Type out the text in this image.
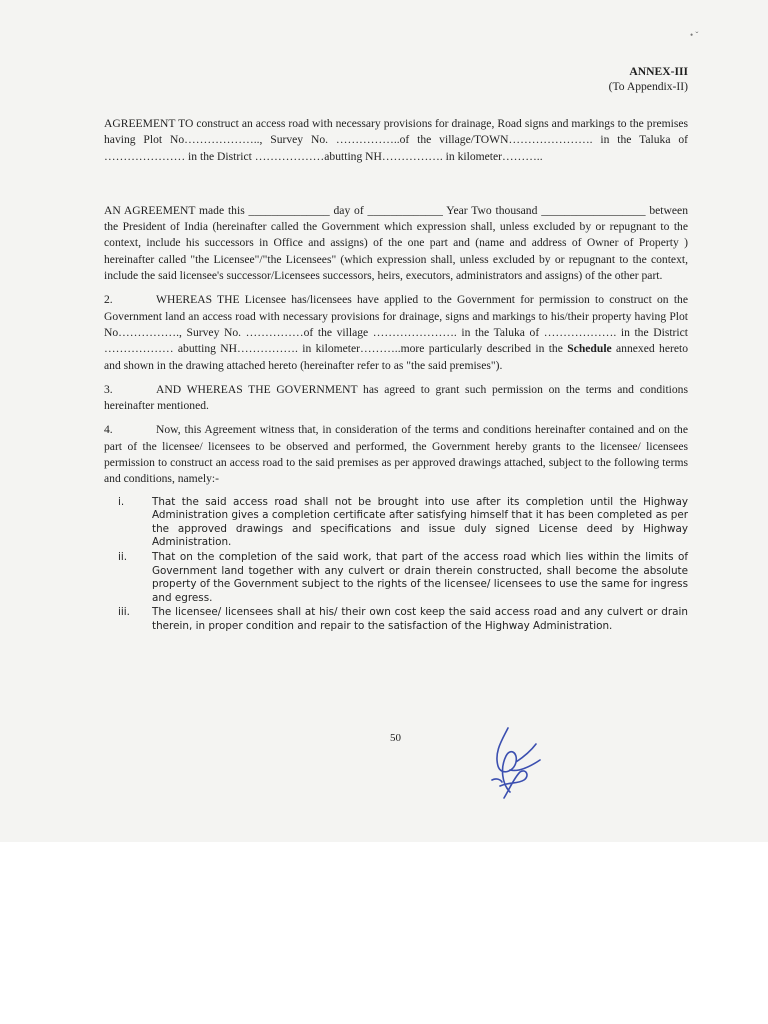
• ˇ
ANNEX-III
(To Appendix-II)

AGREEMENT TO construct an access road with necessary provisions for drainage, Road signs and markings to the premises having Plot No……………….., Survey No. ……………..of the village/TOWN…………………. in the Taluka of ………………… in the District ………………abutting NH……………. in kilometer………..

AN AGREEMENT made this ______________ day of _____________ Year Two thousand __________________ between the President of India (hereinafter called the Government which expression shall, unless excluded by or repugnant to the context, include his successors in Office and assigns) of the one part and (name and address of Owner of Property ) hereinafter called "the Licensee"/"the Licensees" (which expression shall, unless excluded by or repugnant to the context, include the said licensee's successor/Licensees successors, heirs, executors, administrators and assigns) of the other part.

2.	WHEREAS THE Licensee has/licensees have applied to the Government for permission to construct on the Government land an access road with necessary provisions for drainage, signs and markings to his/their property having Plot No……………., Survey No. ……………of the village …………………. in the Taluka of ………………. in the District ……………… abutting NH……………. in kilometer………..more particularly described in the Schedule annexed hereto and shown in the drawing attached hereto (hereinafter refer to as "the said premises").

3.	AND WHEREAS THE GOVERNMENT has agreed to grant such permission on the terms and conditions hereinafter mentioned.

4.	Now, this Agreement witness that, in consideration of the terms and conditions hereinafter contained and on the part of the licensee/ licensees to be observed and performed, the Government hereby grants to the licensee/ licensees permission to construct an access road to the said premises as per approved drawings attached, subject to the following terms and conditions, namely:-

i.	That the said access road shall not be brought into use after its completion until the Highway Administration gives a completion certificate after satisfying himself that it has been completed as per the approved drawings and specifications and issue duly signed License deed by Highway Administration.
ii. That on the completion of the said work, that part of the access road which lies within the limits of Government land together with any culvert or drain therein constructed, shall become the absolute property of the Government subject to the rights of the licensee/ licensees to use the same for ingress and egress.
iii. The licensee/ licensees shall at his/ their own cost keep the said access road and any culvert or drain therein, in proper condition and repair to the satisfaction of the Highway Administration.
50
